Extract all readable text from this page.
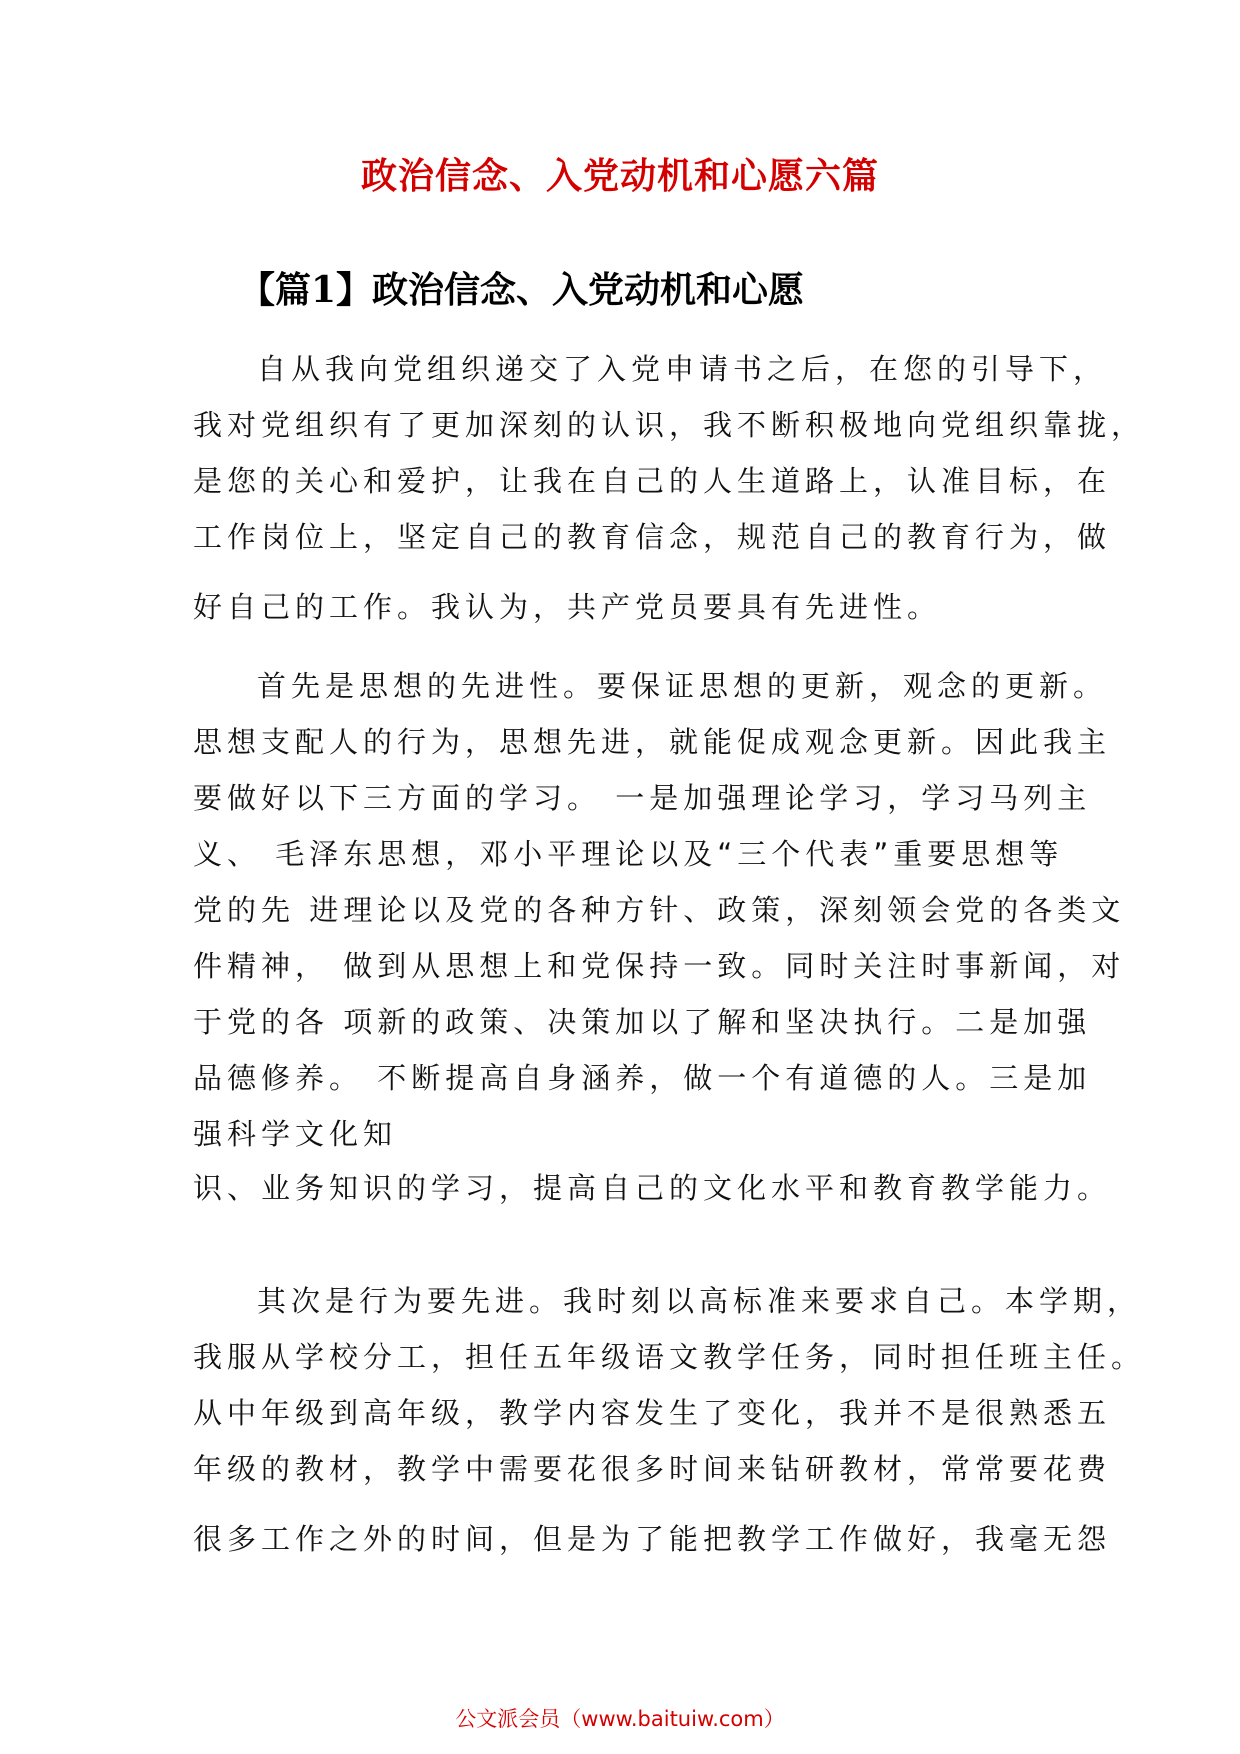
政治信念、入党动机和心愿六篇
【篇1】政治信念、入党动机和心愿
自从我向党组织递交了入党申请书之后，在您的引导下，
我对党组织有了更加深刻的认识，我不断积极地向党组织靠拢，
是您的关心和爱护，让我在自己的人生道路上，认准目标，在
工作岗位上，坚定自己的教育信念，规范自己的教育行为，做
好自己的工作。我认为，共产党员要具有先进性。
首先是思想的先进性。要保证思想的更新，观念的更新。
思想支配人的行为，思想先进，就能促成观念更新。因此我主
要做好以下三方面的学习。 一是加强理论学习，学习马列主
义、 毛泽东思想，邓小平理论以及“三个代表”重要思想等
党的先 进理论以及党的各种方针、政策，深刻领会党的各类文
件精神， 做到从思想上和党保持一致。同时关注时事新闻，对
于党的各 项新的政策、决策加以了解和坚决执行。二是加强
品德修养。 不断提高自身涵养，做一个有道德的人。三是加
强科学文化知
识、业务知识的学习，提高自己的文化水平和教育教学能力。
其次是行为要先进。我时刻以高标准来要求自己。本学期，
我服从学校分工，担任五年级语文教学任务，同时担任班主任。
从中年级到高年级，教学内容发生了变化，我并不是很熟悉五
年级的教材，教学中需要花很多时间来钻研教材，常常要花费
很多工作之外的时间，但是为了能把教学工作做好，我毫无怨
公文派会员（www.baituiw.com）
